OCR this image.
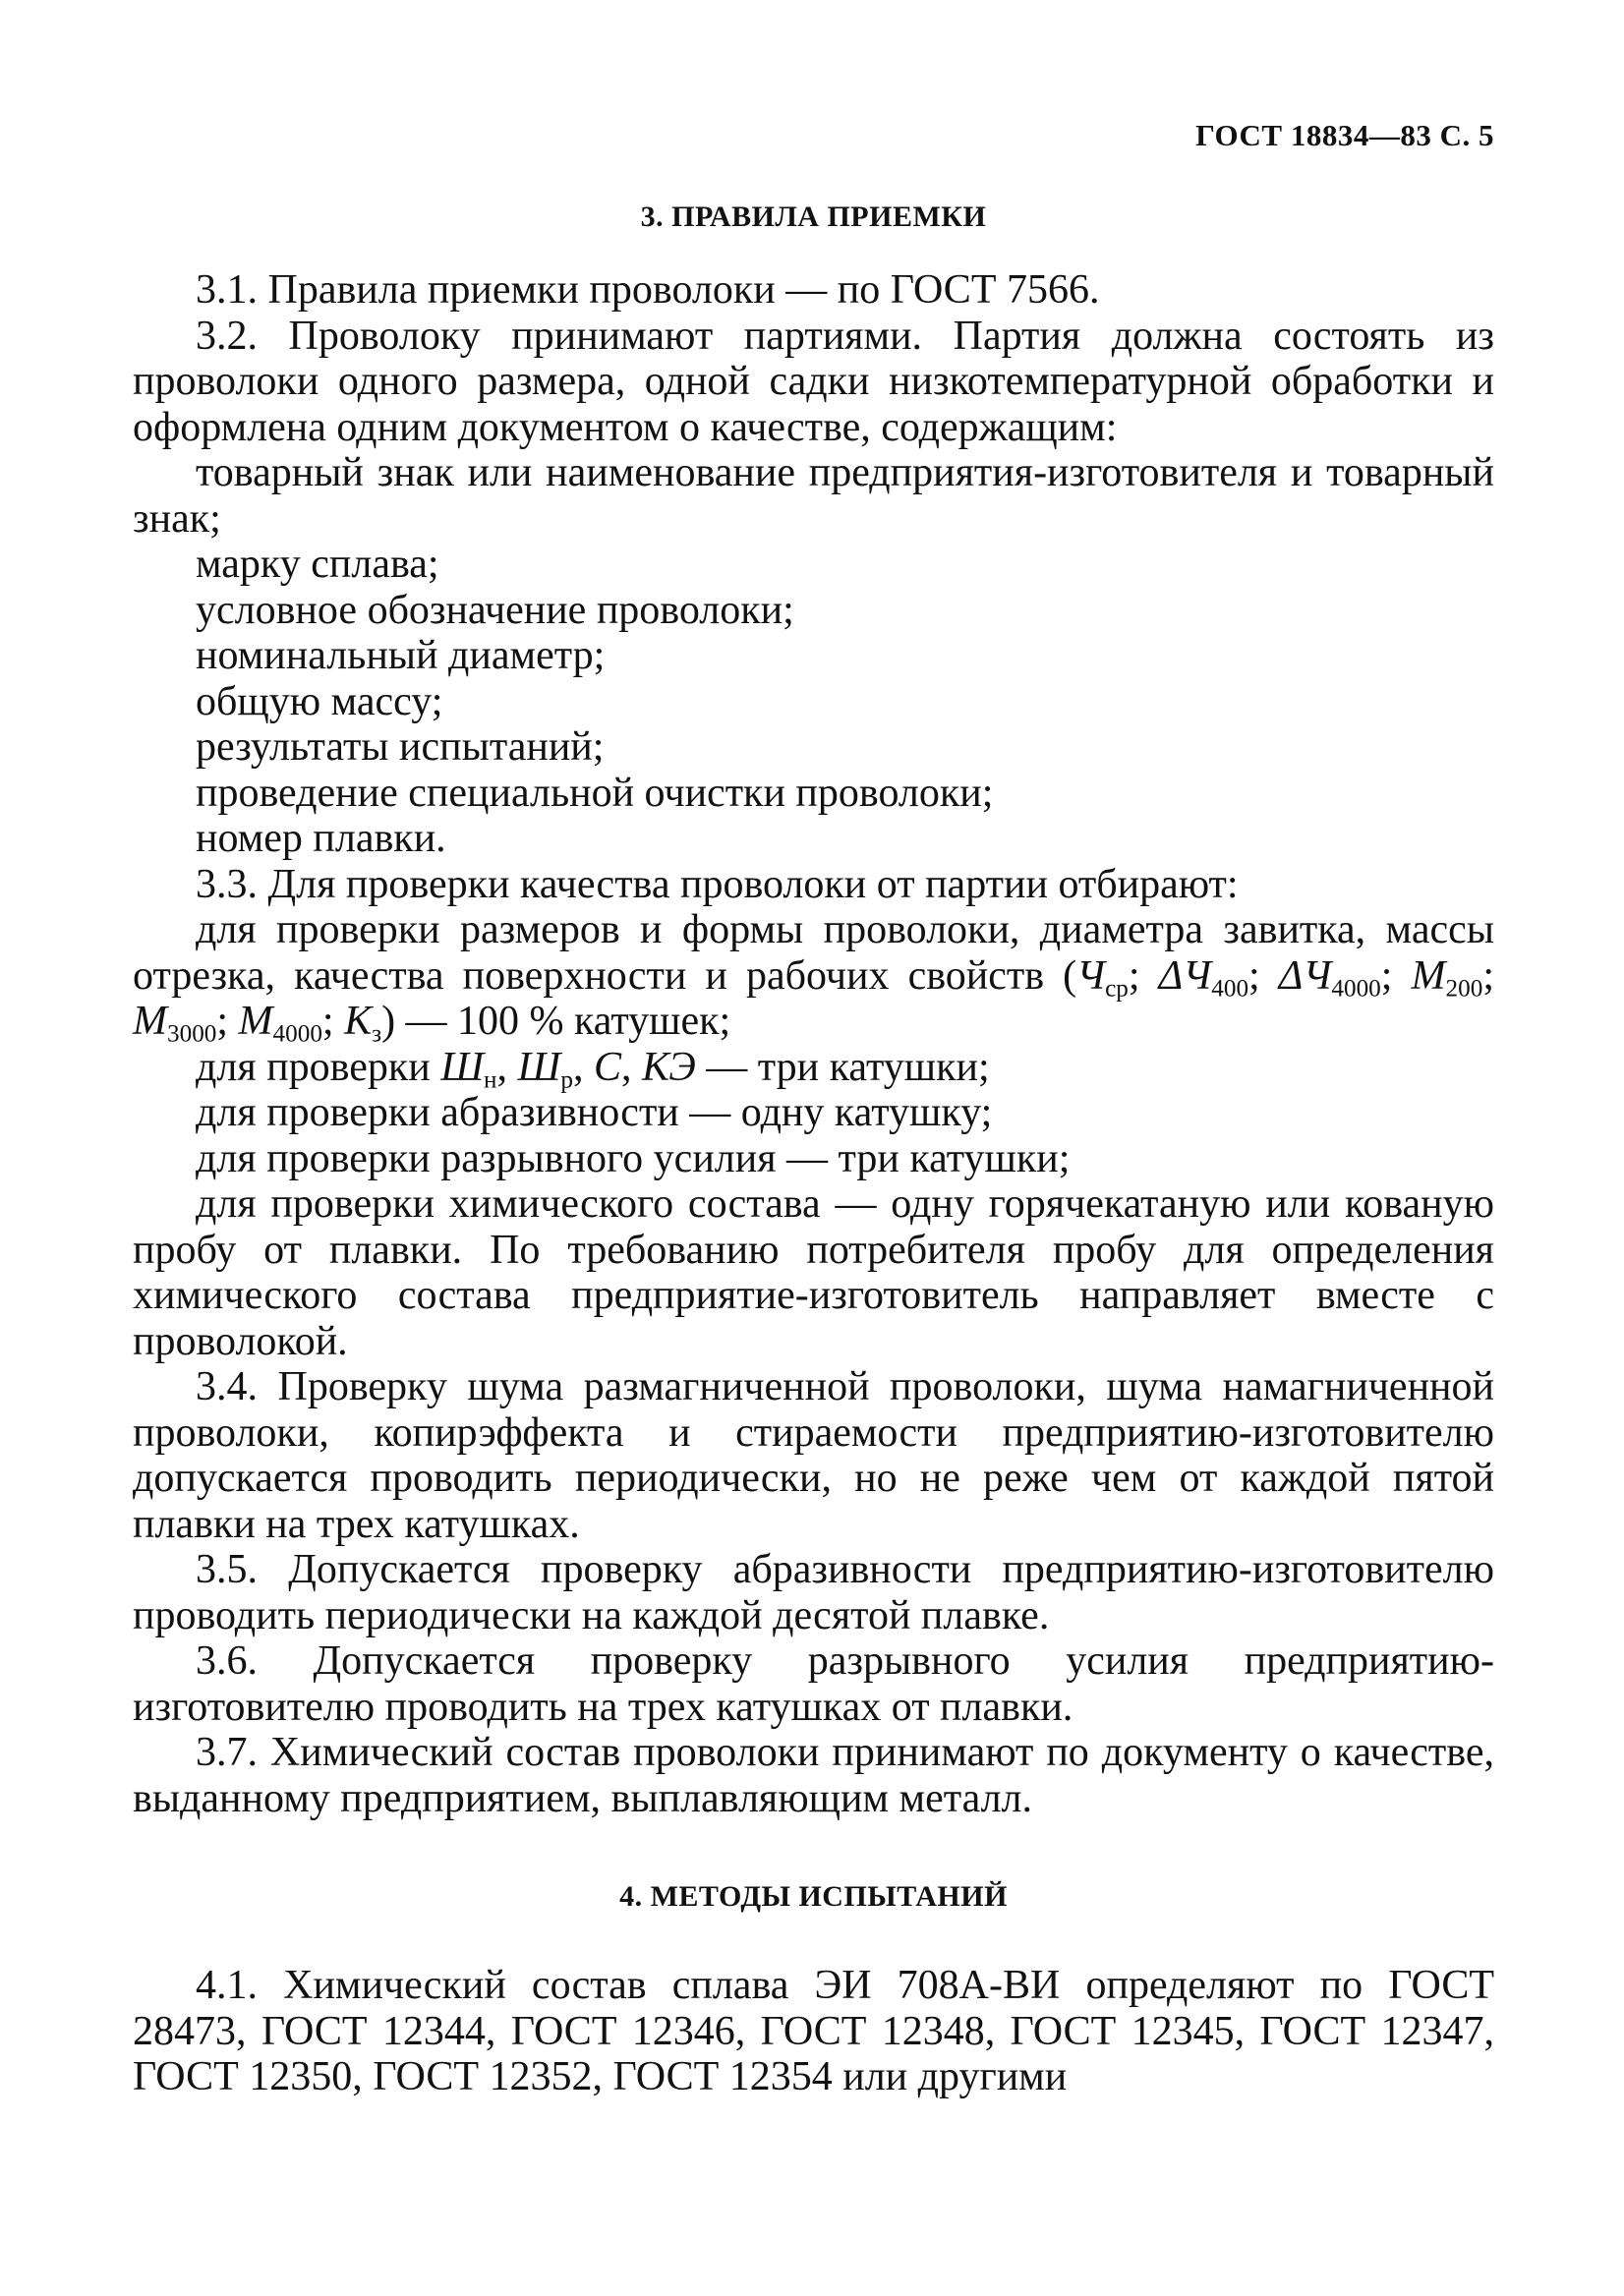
ГОСТ 18834—83 С. 5
3. ПРАВИЛА ПРИЕМКИ

3.1. Правила приемки проволоки — по ГОСТ 7566.

3.2. Проволоку принимают партиями. Партия должна состоять из проволоки одного размера, одной садки низкотемпературной обработки и оформлена одним документом о качестве, содержащим:

товарный знак или наименование предприятия-изготовителя и товарный знак;

марку сплава;

условное обозначение проволоки;

номинальный диаметр;

общую массу;

результаты испытаний;

проведение специальной очистки проволоки;

номер плавки.

3.3. Для проверки качества проволоки от партии отбирают:

для проверки размеров и формы проволоки, диаметра завитка, массы отрезка, качества поверхности и рабочих свойств ($Ч_{ср}$; $\Delta Ч_{400}$; $\Delta Ч_{4000}$; $M_{200}$; $M_{3000}$; $M_{4000}$; $K_з$) — 100 % катушек;

для проверки $Ш_н$, $Ш_р$, С, КЭ — три катушки;

для проверки абразивности — одну катушку;

для проверки разрывного усилия — три катушки;

для проверки химического состава — одну горячекатаную или кованую пробу от плавки. По требованию потребителя пробу для определения химического состава предприятие-изготовитель направляет вместе с проволокой.

3.4. Проверку шума размагниченной проволоки, шума намагниченной проволоки, копирэффекта и стираемости предприятию-изготовителю допускается проводить периодически, но не реже чем от каждой пятой плавки на трех катушках.

3.5. Допускается проверку абразивности предприятию-изготовителю проводить периодически на каждой десятой плавке.

3.6. Допускается проверку разрывного усилия предприятию-изготовителю проводить на трех катушках от плавки.

3.7. Химический состав проволоки принимают по документу о качестве, выданному предприятием, выплавляющим металл.

4. МЕТОДЫ ИСПЫТАНИЙ

4.1. Химический состав сплава ЭИ 708А-ВИ определяют по ГОСТ 28473, ГОСТ 12344, ГОСТ 12346, ГОСТ 12348, ГОСТ 12345, ГОСТ 12347, ГОСТ 12350, ГОСТ 12352, ГОСТ 12354 или другими
